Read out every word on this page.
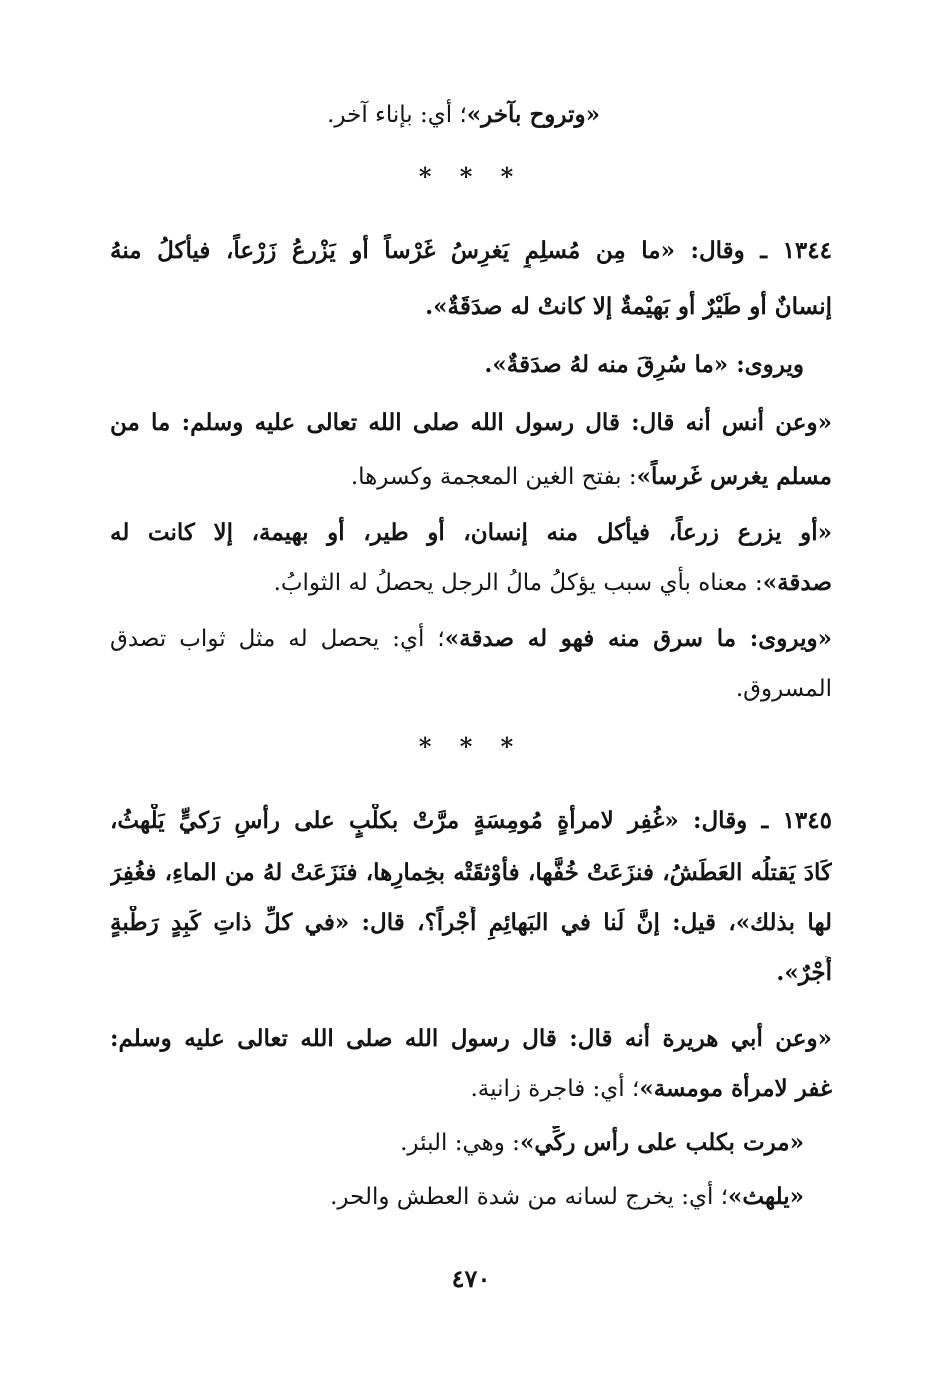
«وتروح بآخر»؛ أي: بإناء آخر.
* * *
١٣٤٤ ـ وقال: «ما مِن مُسلِمٍ يَغرِسُ غَرْساً أو يَزْرعُ زَرْعاً، فيأْكلُ منهُ
إنسانٌ أو طَيْرٌ أو بَهيْمةٌ إلا كانتْ له صدَقَةٌ».
ويروى: «ما سُرِقَ منه لهُ صدَقةٌ».
«وعن أنس أنه قال: قال رسول الله صلى الله تعالى عليه وسلم: ما من
مسلم يغرس غَرساً»: بفتح الغين المعجمة وكسرها.
«أو يزرع زرعاً، فيأكل منه إنسان، أو طير، أو بهيمة، إلا كانت له
صدقة»: معناه بأي سبب يؤكلُ مالُ الرجل يحصلُ له الثوابُ.
«ويروى: ما سرق منه فهو له صدقة»؛ أي: يحصل له مثل ثواب تصدق
المسروق.
* * *
١٣٤٥ ـ وقال: «غُفِر لامرأةٍ مُومِسَةٍ مرَّتْ بكلْبٍ على رأْسِ رَكيٍّ يَلْهثُ،
كَادَ يَقتلُه العَطَشُ، فنزَعَتْ خُفَّها، فأَوْثقَتْه بخِمارِها، فنَزَعَتْ لهُ من الماءِ، فغُفِرَ
لها بذلك»، قيل: إنَّ لَنا في البَهائِمِ أَجْراً؟، قال: «في كلِّ ذاتِ كَبِدٍ رَطْبةٍ
أَجْرٌ».
«وعن أبي هريرة أنه قال: قال رسول الله صلى الله تعالى عليه وسلم:
غفر لامرأة مومسة»؛ أي: فاجرة زانية.
«مرت بكلب على رأس ركِّي»: وهي: البئر.
«يلهث»؛ أي: يخرج لسانه من شدة العطش والحر.
٤٧٠
